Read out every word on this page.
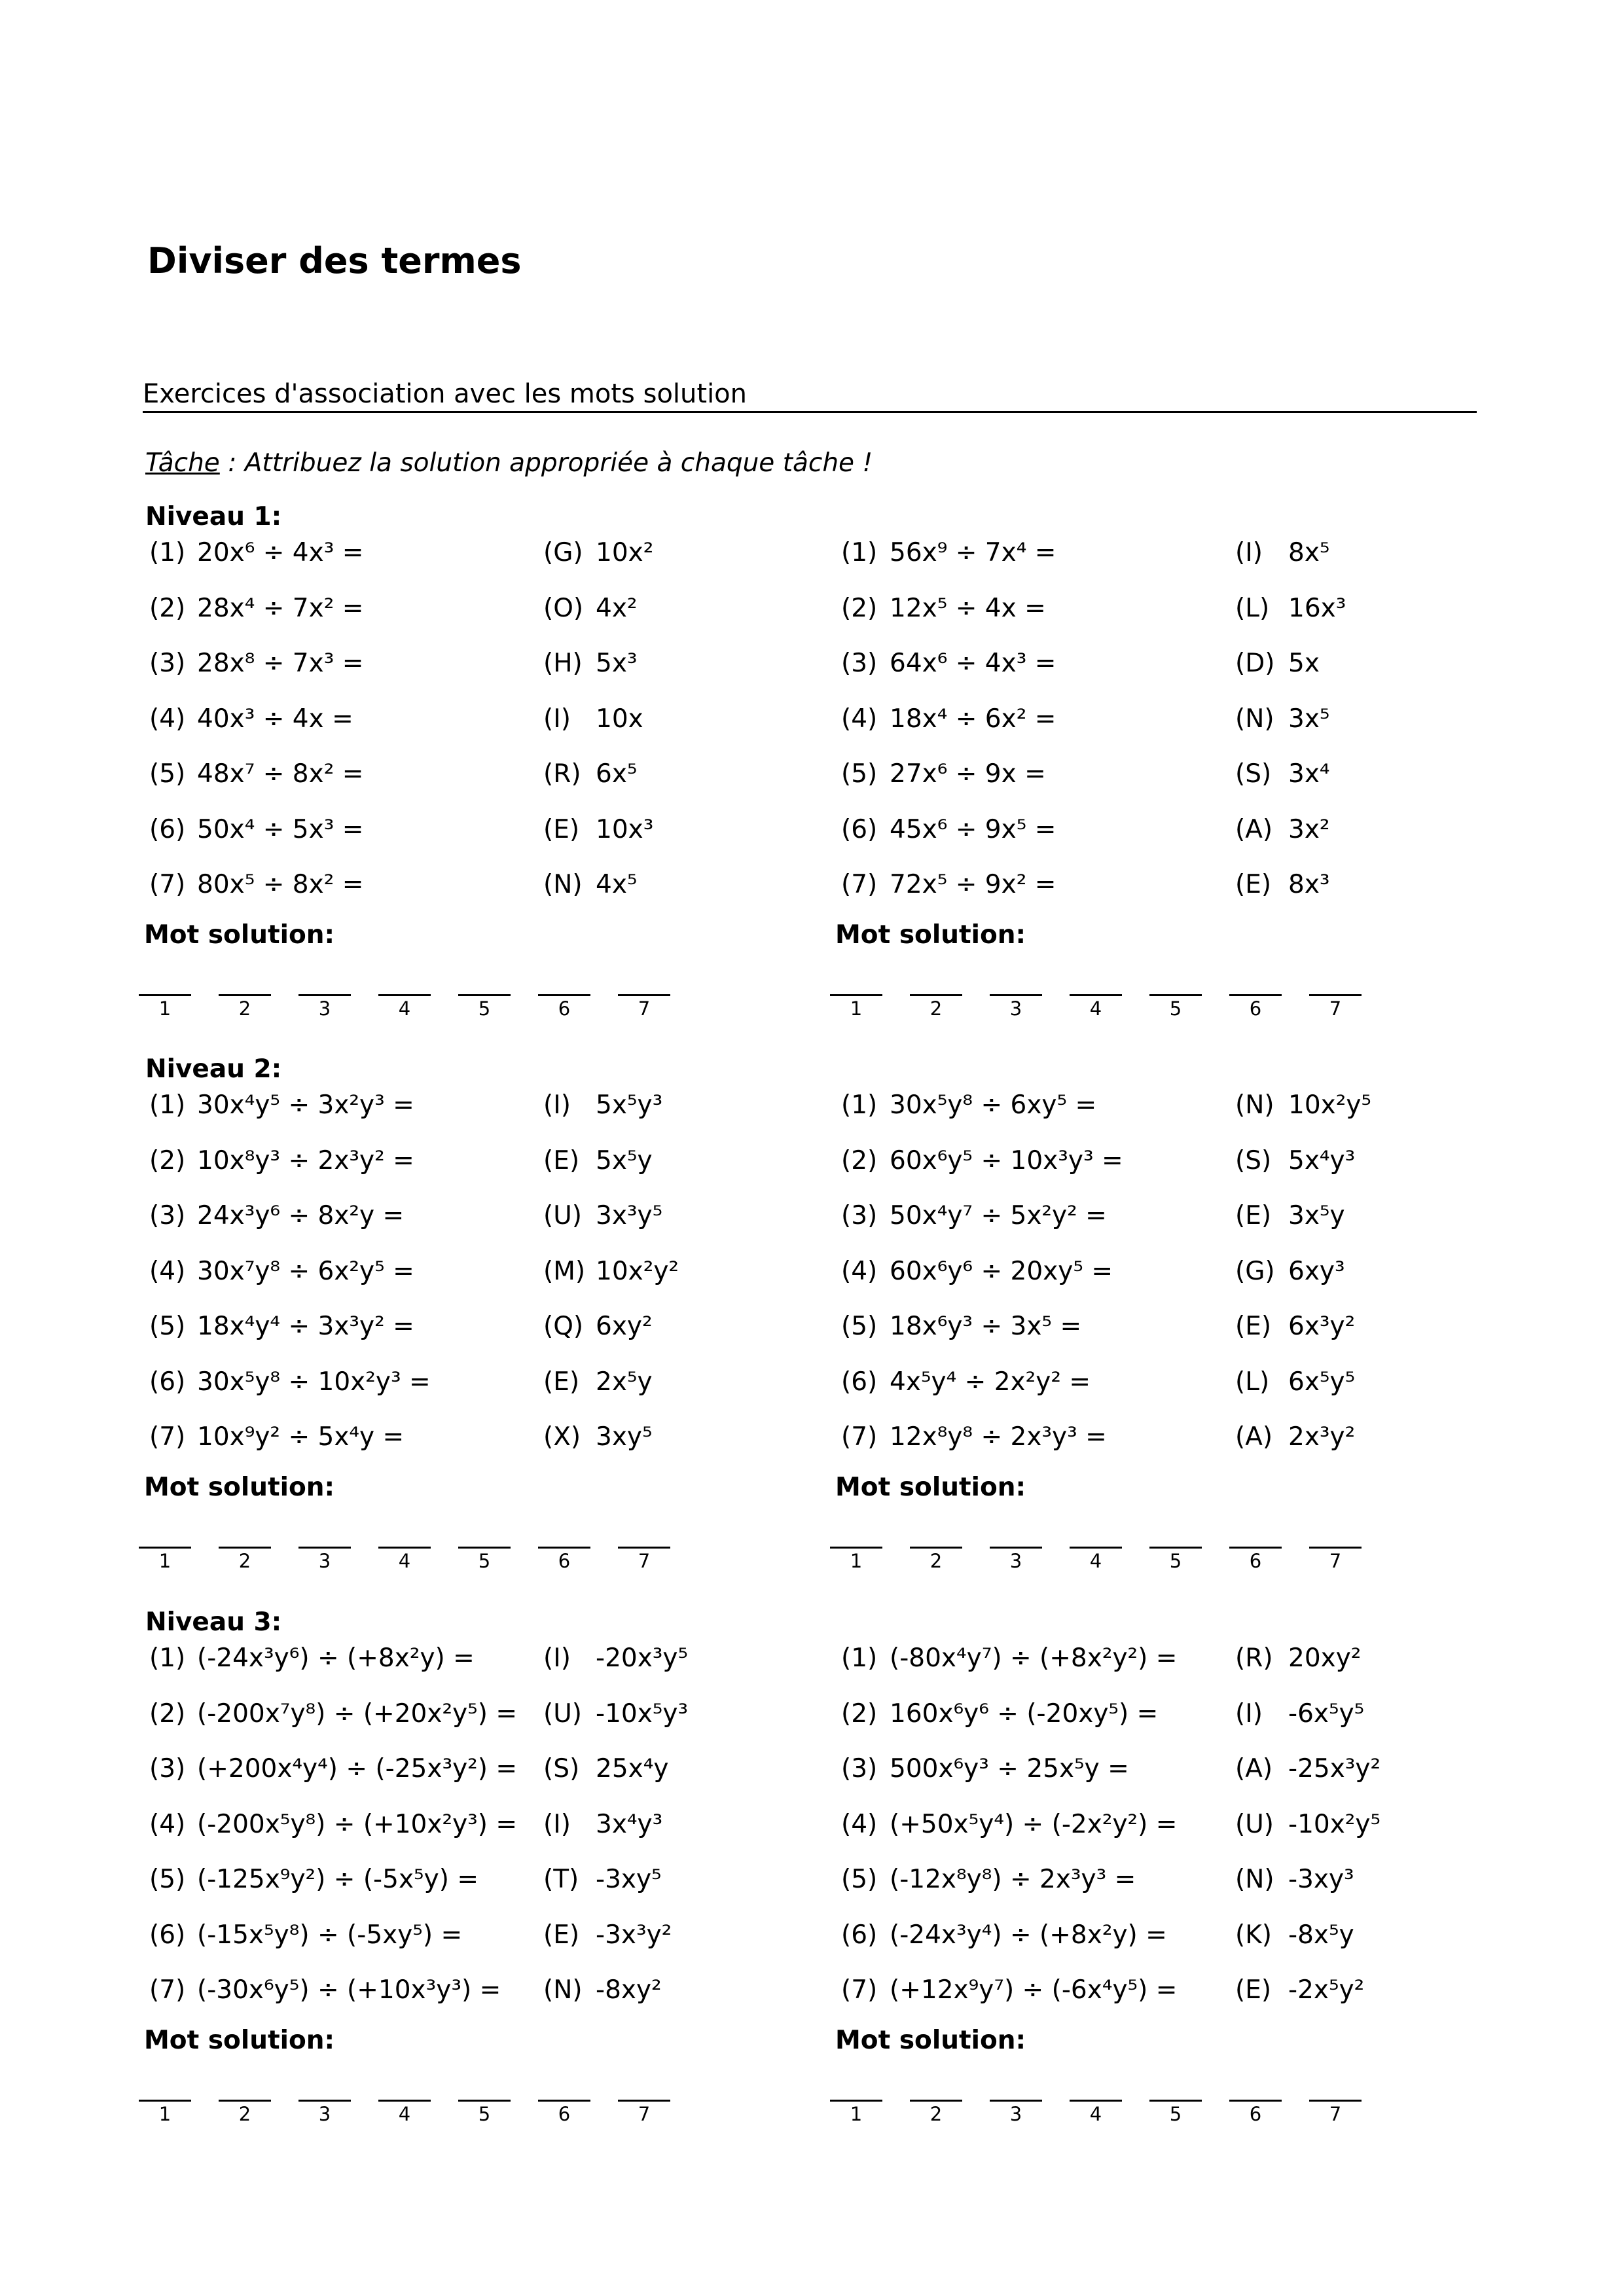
Diviser des termes
Exercices d'association avec les mots solution
Tâche : Attribuez la solution appropriée à chaque tâche !
Niveau 1:
(1) 20x⁶ ÷ 4x³ =	(G) 10x²
(2) 28x⁴ ÷ 7x² =	(O) 4x²
(3) 28x⁸ ÷ 7x³ =	(H) 5x³
(4) 40x³ ÷ 4x =	(I) 10x
(5) 48x⁷ ÷ 8x² =	(R) 6x⁵
(6) 50x⁴ ÷ 5x³ =	(E) 10x³
(7) 80x⁵ ÷ 8x² =	(N) 4x⁵
Mot solution:
1	2	3	4	5	6	7
(1) 56x⁹ ÷ 7x⁴ =	(I) 8x⁵
(2) 12x⁵ ÷ 4x =	(L) 16x³
(3) 64x⁶ ÷ 4x³ =	(D) 5x
(4) 18x⁴ ÷ 6x² =	(N) 3x⁵
(5) 27x⁶ ÷ 9x =	(S) 3x⁴
(6) 45x⁶ ÷ 9x⁵ =	(A) 3x²
(7) 72x⁵ ÷ 9x² =	(E) 8x³
Mot solution:
1	2	3	4	5	6	7
Niveau 2:
(1) 30x⁴y⁵ ÷ 3x²y³ =	(I) 5x⁵y³
(2) 10x⁸y³ ÷ 2x³y² =	(E) 5x⁵y
(3) 24x³y⁶ ÷ 8x²y =	(U) 3x³y⁵
(4) 30x⁷y⁸ ÷ 6x²y⁵ =	(M) 10x²y²
(5) 18x⁴y⁴ ÷ 3x³y² =	(Q) 6xy²
(6) 30x⁵y⁸ ÷ 10x²y³ =	(E) 2x⁵y
(7) 10x⁹y² ÷ 5x⁴y =	(X) 3xy⁵
Mot solution:
1	2	3	4	5	6	7
(1) 30x⁵y⁸ ÷ 6xy⁵ =	(N) 10x²y⁵
(2) 60x⁶y⁵ ÷ 10x³y³ =	(S) 5x⁴y³
(3) 50x⁴y⁷ ÷ 5x²y² =	(E) 3x⁵y
(4) 60x⁶y⁶ ÷ 20xy⁵ =	(G) 6xy³
(5) 18x⁶y³ ÷ 3x⁵ =	(E) 6x³y²
(6) 4x⁵y⁴ ÷ 2x²y² =	(L) 6x⁵y⁵
(7) 12x⁸y⁸ ÷ 2x³y³ =	(A) 2x³y²
Mot solution:
1	2	3	4	5	6	7
Niveau 3:
(1) (-24x³y⁶) ÷ (+8x²y) =	(I) -20x³y⁵
(2) (-200x⁷y⁸) ÷ (+20x²y⁵) = (U) -10x⁵y³
(3) (+200x⁴y⁴) ÷ (-25x³y²) = (S) 25x⁴y
(4) (-200x⁵y⁸) ÷ (+10x²y³) = (I) 3x⁴y³
(5) (-125x⁹y²) ÷ (-5x⁵y) =	(T) -3xy⁵
(6) (-15x⁵y⁸) ÷ (-5xy⁵) =	(E) -3x³y²
(7) (-30x⁶y⁵) ÷ (+10x³y³) = (N) -8xy²
Mot solution:
1	2	3	4	5	6	7
(1) (-80x⁴y⁷) ÷ (+8x²y²) = (R) 20xy²
(2) 160x⁶y⁶ ÷ (-20xy⁵) =	(I) -6x⁵y⁵
(3) 500x⁶y³ ÷ 25x⁵y =	(A) -25x³y²
(4) (+50x⁵y⁴) ÷ (-2x²y²) = (U) -10x²y⁵
(5) (-12x⁸y⁸) ÷ 2x³y³ =	(N) -3xy³
(6) (-24x³y⁴) ÷ (+8x²y) =	(K) -8x⁵y
(7) (+12x⁹y⁷) ÷ (-6x⁴y⁵) = (E) -2x⁵y²
Mot solution:
1	2	3	4	5	6	7
